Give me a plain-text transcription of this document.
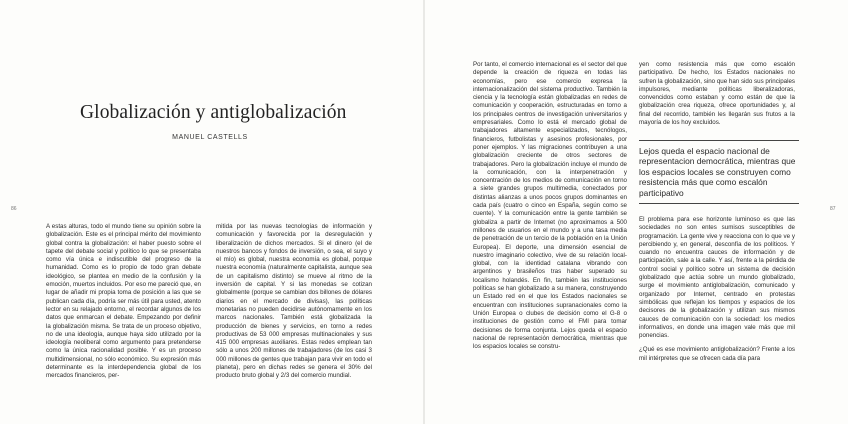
86
Globalización y antiglobalización
MANUEL CASTELLS

A estas alturas, todo el mundo tiene su opinión sobre la globalización. Este es el principal mérito del movimiento global contra la globalización: el haber puesto sobre el tapete del debate social y político lo que se presentaba como vía única e indiscutible del progreso de la humanidad. Como es lo propio de todo gran debate ideológico, se plantea en medio de la confusión y la emoción, muertos incluidos. Por eso me pareció que, en lugar de añadir mi propia toma de posición a las que se publican cada día, podría ser más útil para usted, atento lector en su relajado entorno, el recordar algunos de los datos que enmarcan el debate. Empezando por definir la globalización misma. Se trata de un proceso objetivo, no de una ideología, aunque haya sido utilizado por la ideología neoliberal como argumento para pretenderse como la única racionalidad posible. Y es un proceso multidimensional, no sólo económico. Su expresión más determinante es la interdependencia global de los mercados financieros, per-

mitida por las nuevas tecnologías de información y comunicación y favorecida por la desregulación y liberalización de dichos mercados. Si el dinero (el de nuestros bancos y fondos de inversión, o sea, el suyo y el mío) es global, nuestra economía es global, porque nuestra economía (naturalmente capitalista, aunque sea de un capitalismo distinto) se mueve al ritmo de la inversión de capital. Y si las monedas se cotizan globalmente (porque se cambian dos billones de dólares diarios en el mercado de divisas), las políticas monetarias no pueden decidirse autónomamente en los marcos nacionales. También está globalizada la producción de bienes y servicios, en torno a redes productivas de 53 000 empresas multinacionales y sus 415 000 empresas auxiliares. Estas redes emplean tan sólo a unos 200 millones de trabajadores (de los casi 3 000 millones de gentes que trabajan para vivir en todo el planeta), pero en dichas redes se genera el 30% del producto bruto global y 2/3 del comercio mundial.

87

Por tanto, el comercio internacional es el sector del que depende la creación de riqueza en todas las economías, pero ese comercio expresa la internacionalización del sistema productivo. También la ciencia y la tecnología están globalizadas en redes de comunicación y cooperación, estructuradas en torno a los principales centros de investigación universitarios y empresariales. Como lo está el mercado global de trabajadores altamente especializados, tecnólogos, financieros, futbolistas y asesinos profesionales, por poner ejemplos. Y las migraciones contribuyen a una globalización creciente de otros sectores de trabajadores. Pero la globalización incluye el mundo de la comunicación, con la interpenetración y concentración de los medios de comunicación en torno a siete grandes grupos multimedia, conectados por distintas alianzas a unos pocos grupos dominantes en cada país (cuatro o cinco en España, según como se cuente). Y la comunicación entre la gente también se globaliza a partir de Internet (no aproximamos a 500 millones de usuarios en el mundo y a una tasa media de penetración de un tercio de la población en la Unión Europea). El deporte, una dimensión esencial de nuestro imaginario colectivo, vive de su relación local-global, con la identidad catalana vibrando con argentinos y brasileños tras haber superado su localismo holandés. En fin, también las instituciones políticas se han globalizado a su manera, construyendo un Estado red en el que los Estados nacionales se encuentran con instituciones supranacionales como la Unión Europea o clubes de decisión como el G-8 o instituciones de gestión como el FMI para tomar decisiones de forma conjunta. Lejos queda el espacio nacional de representación democrática, mientras que los espacios locales se constru-

yen como resistencia más que como escalón participativo. De hecho, los Estados nacionales no sufren la globalización, sino que han sido sus principales impulsores, mediante políticas liberalizadoras, convencidos como estaban y como están de que la globalización crea riqueza, ofrece oportunidades y, al final del recorrido, también les llegarán sus frutos a la mayoría de los hoy excluidos.

Lejos queda el espacio nacional de representacion democrática, mientras que los espacios locales se construyen como resistencia más que como escalón participativo

El problema para ese horizonte luminoso es que las sociedades no son entes sumisos susceptibles de programación. La gente vive y reacciona con lo que ve y percibiendo y, en general, desconfía de los políticos. Y cuando no encuentra cauces de información y de participación, sale a la calle. Y así, frente a la pérdida de control social y político sobre un sistema de decisión globalizado que actúa sobre un mundo globalizado, surge el movimiento antiglobalización, comunicado y organizado por Internet, centrado en protestas simbólicas que reflejan los tiempos y espacios de los decisores de la globalización y utilizan sus mismos cauces de comunicación con la sociedad: los medios informativos, en donde una imagen vale más que mil ponencias.

¿Qué es ese movimiento antiglobalización? Frente a los mil intérpretes que se ofrecen cada día para
